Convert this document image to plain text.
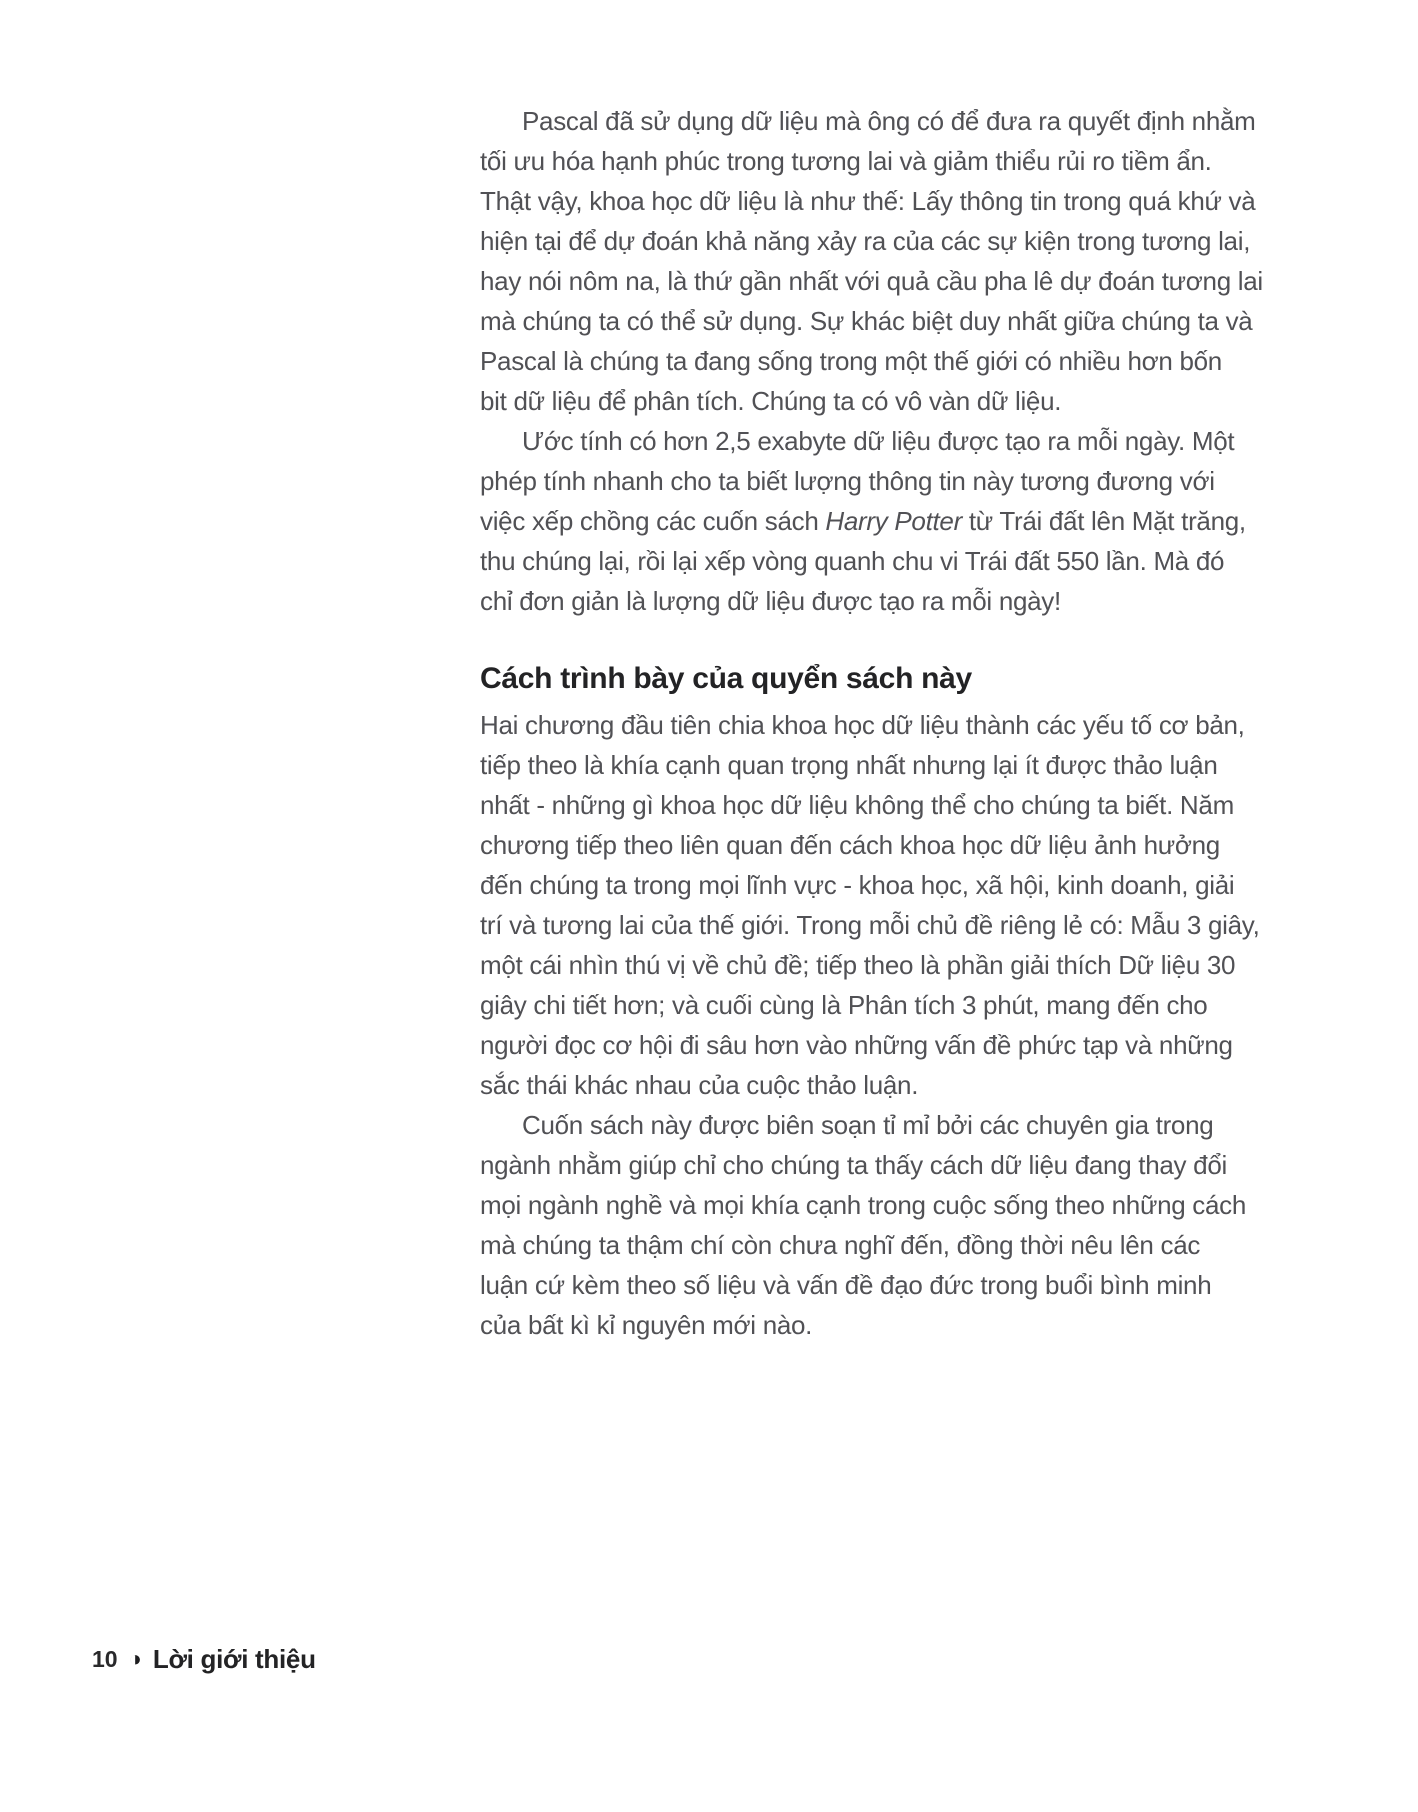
Pascal đã sử dụng dữ liệu mà ông có để đưa ra quyết định nhằm
tối ưu hóa hạnh phúc trong tương lai và giảm thiểu rủi ro tiềm ẩn.
Thật vậy, khoa học dữ liệu là như thế: Lấy thông tin trong quá khứ và
hiện tại để dự đoán khả năng xảy ra của các sự kiện trong tương lai,
hay nói nôm na, là thứ gần nhất với quả cầu pha lê dự đoán tương lai
mà chúng ta có thể sử dụng. Sự khác biệt duy nhất giữa chúng ta và
Pascal là chúng ta đang sống trong một thế giới có nhiều hơn bốn
bit dữ liệu để phân tích. Chúng ta có vô vàn dữ liệu.
Ước tính có hơn 2,5 exabyte dữ liệu được tạo ra mỗi ngày. Một
phép tính nhanh cho ta biết lượng thông tin này tương đương với
việc xếp chồng các cuốn sách Harry Potter từ Trái đất lên Mặt trăng,
thu chúng lại, rồi lại xếp vòng quanh chu vi Trái đất 550 lần. Mà đó
chỉ đơn giản là lượng dữ liệu được tạo ra mỗi ngày!
Cách trình bày của quyển sách này
Hai chương đầu tiên chia khoa học dữ liệu thành các yếu tố cơ bản,
tiếp theo là khía cạnh quan trọng nhất nhưng lại ít được thảo luận
nhất - những gì khoa học dữ liệu không thể cho chúng ta biết. Năm
chương tiếp theo liên quan đến cách khoa học dữ liệu ảnh hưởng
đến chúng ta trong mọi lĩnh vực - khoa học, xã hội, kinh doanh, giải
trí và tương lai của thế giới. Trong mỗi chủ đề riêng lẻ có: Mẫu 3 giây,
một cái nhìn thú vị về chủ đề; tiếp theo là phần giải thích Dữ liệu 30
giây chi tiết hơn; và cuối cùng là Phân tích 3 phút, mang đến cho
người đọc cơ hội đi sâu hơn vào những vấn đề phức tạp và những
sắc thái khác nhau của cuộc thảo luận.
Cuốn sách này được biên soạn tỉ mỉ bởi các chuyên gia trong
ngành nhằm giúp chỉ cho chúng ta thấy cách dữ liệu đang thay đổi
mọi ngành nghề và mọi khía cạnh trong cuộc sống theo những cách
mà chúng ta thậm chí còn chưa nghĩ đến, đồng thời nêu lên các
luận cứ kèm theo số liệu và vấn đề đạo đức trong buổi bình minh
của bất kì kỉ nguyên mới nào.
10 ◑ Lời giới thiệu
